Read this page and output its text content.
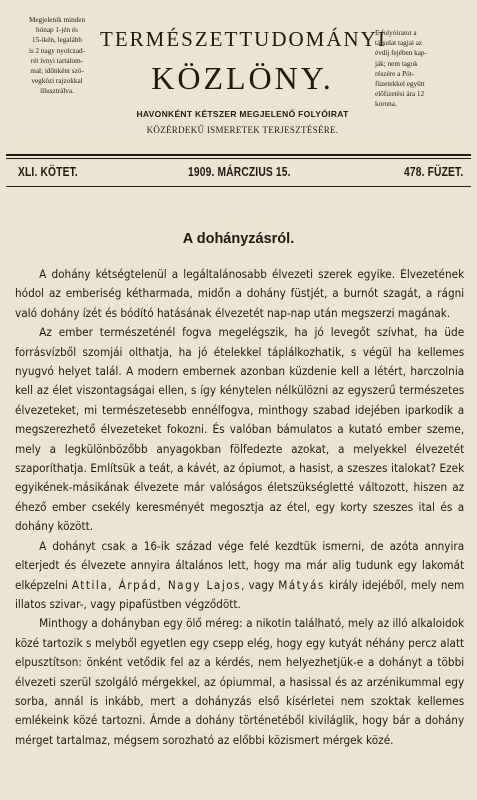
Megjelenik minden
hónap 1-jén és
15-ikén, legalább
is 2 nagy nyolczad-
rét ívnyi tartalom-
mal; időnként szö-
vegközi rajzokkal
illusztrálva.
E folyóiratot a
társulat tagjai az
évdíj fejében kap-
ják; nem tagok
részére a Pót-
füzetekkel együtt
előfizetési ára 12
korona.
TERMÉSZETTUDOMÁNYI
KÖZLÖNY.
HAVONKÉNT KÉTSZER MEGJELENŐ FOLYÓIRAT
KÖZÉRDEKŰ ISMERETEK TERJESZTÉSÉRE.
XLI. KÖTET.	1909. MÁRCZIUS 15.	478. FÜZET.
A dohányzásról.

A dohány kétségtelenül a legáltalánosabb élvezeti szerek egyike. Élvezetének hódol az emberiség kétharmada, midőn a dohány füstjét, a burnót szagát, a rágni való dohány ízét és bódító hatásának élvezetét nap-nap után megszerzi magának.

Az ember természeténél fogva megelégszik, ha jó levegőt szívhat, ha üde forrásvízből szomjái olthatja, ha jó ételekkel táplálkozhatik, s végül ha kellemes nyugvó helyet talál. A modern embernek azonban küzdenie kell a létért, harczolnia kell az élet viszontagságai ellen, s így kénytelen nélkülözni az egyszerű természetes élvezeteket, mi természetesebb ennélfogva, minthogy szabad idejében iparkodik a megszerezhető élvezeteket fokozni. És valóban bámulatos a kutató ember szeme, mely a legkülönbözőbb anyagokban fölfedezte azokat, a melyekkel élvezetét szaporíthatja. Említsük a teát, a kávét, az ópiumot, a hasist, a szeszes italokat? Ezek egyikének-másikának élvezete már valóságos életszükségletté változott, hiszen az éhező ember csekély keresményét megosztja az étel, egy korty szeszes ital és a dohány között.

A dohányt csak a 16-ik század vége felé kezdtük ismerni, de azóta annyira elterjedt és élvezete annyira általános lett, hogy ma már alig tudunk egy lakomát elképzelni Attila, Árpád, Nagy Lajos, vagy Mátyás király idejéből, mely nem illatos szivar-, vagy pipafüstben végződött.

Minthogy a dohányban egy ölő méreg: a nikotin található, mely az illó alkaloidok közé tartozik s melyből egyetlen egy csepp elég, hogy egy kutyát néhány percz alatt elpusztítson: önként vetődik fel az a kérdés, nem helyezhetjük-e a dohányt a többi élvezeti szerül szolgáló mérgekkel, az ópiummal, a hasissal és az arzénikummal egy sorba, annál is inkább, mert a dohányzás első kísérletei nem szoktak kellemes emlékeink közé tartozni. Ámde a dohány történetéből kiviláglik, hogy bár a dohány mérget tartalmaz, mégsem sorozható az előbbi közismert mérgek közé.
